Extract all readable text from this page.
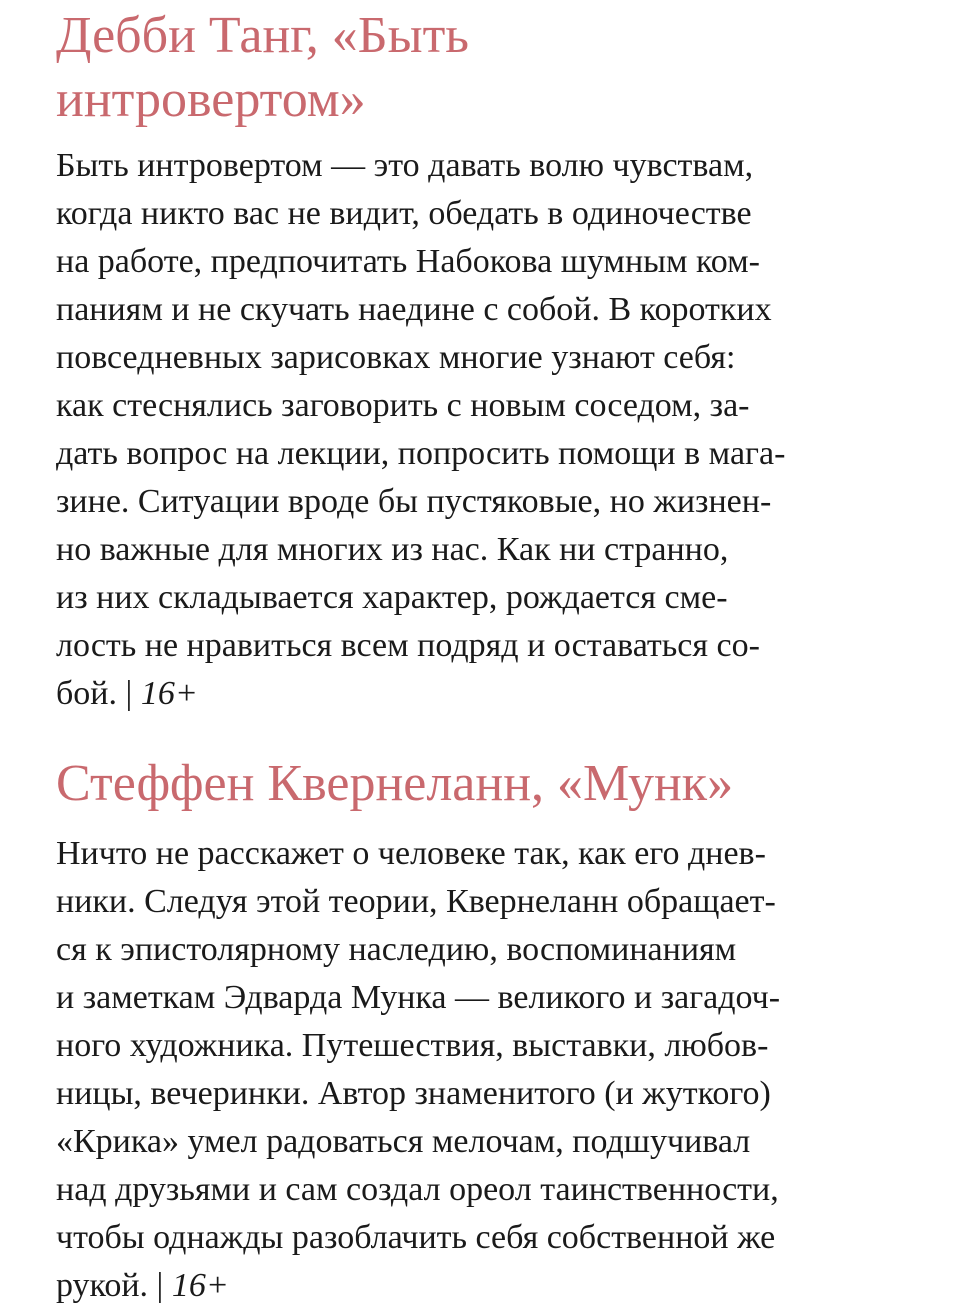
Дебби Танг, «Быть
интровертом»

Быть интровертом — это давать волю чувствам,
когда никто вас не видит, обедать в одиночестве
на работе, предпочитать Набокова шумным ком-
паниям и не скучать наедине с собой. В коротких
повседневных зарисовках многие узнают себя:
как стеснялись заговорить с новым соседом, за-
дать вопрос на лекции, попросить помощи в мага-
зине. Ситуации вроде бы пустяковые, но жизнен-
но важные для многих из нас. Как ни странно,
из них складывается характер, рождается сме-
лость не нравиться всем подряд и оставаться со-
бой. | 16+

Стеффен Квернеланн, «Мунк»

Ничто не расскажет о человеке так, как его днев-
ники. Следуя этой теории, Квернеланн обращает-
ся к эпистолярному наследию, воспоминаниям
и заметкам Эдварда Мунка — великого и загадоч-
ного художника. Путешествия, выставки, любов-
ницы, вечеринки. Автор знаменитого (и жуткого)
«Крика» умел радоваться мелочам, подшучивал
над друзьями и сам создал ореол таинственности,
чтобы однажды разоблачить себя собственной же
рукой. | 16+
